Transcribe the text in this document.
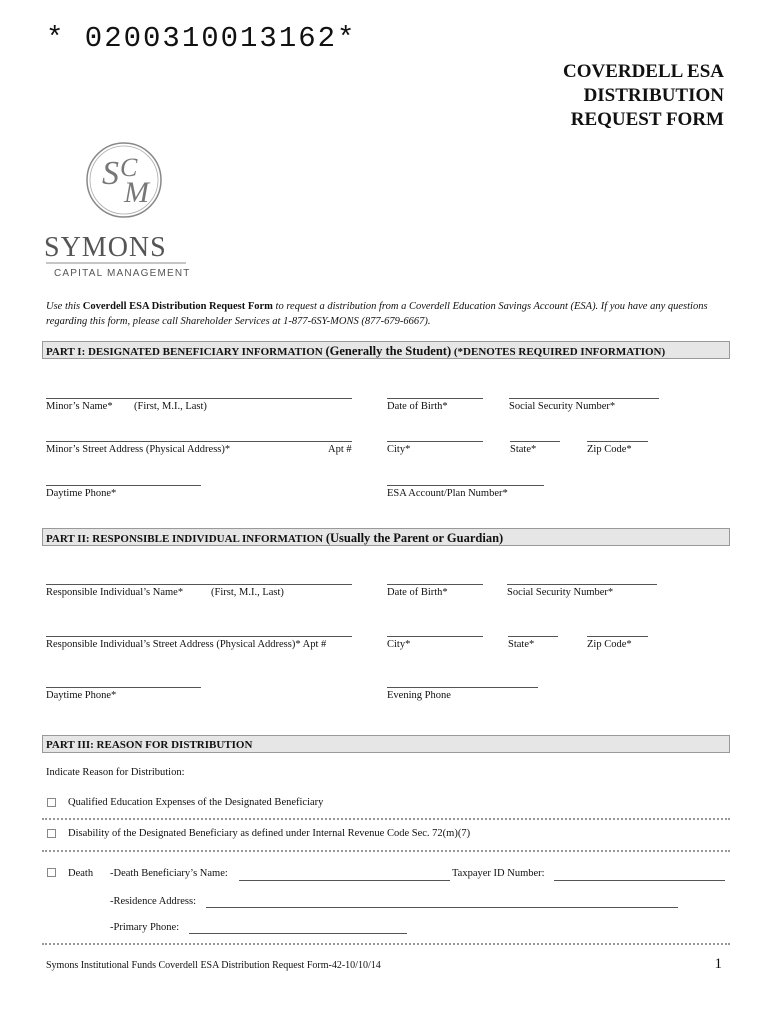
* 0200310013162*
COVERDELL ESA
DISTRIBUTION
REQUEST FORM
S C
M
SYMONS
CAPITAL MANAGEMENT
Use this Coverdell ESA Distribution Request Form to request a distribution from a Coverdell Education Savings Account (ESA). If you have any questions regarding this form, please call Shareholder Services at 1-877-6SY-MONS (877-679-6667).
PART I: DESIGNATED BENEFICIARY INFORMATION (Generally the Student) (*DENOTES REQUIRED INFORMATION)
Minor’s Name* (First, M.I., Last)	Date of Birth*	Social Security Number*
Minor’s Street Address (Physical Address)*	Apt #	City*	State*	Zip Code*
Daytime Phone*	ESA Account/Plan Number*
PART II: RESPONSIBLE INDIVIDUAL INFORMATION (Usually the Parent or Guardian)
Responsible Individual’s Name*	(First, M.I., Last)	Date of Birth*	Social Security Number*
Responsible Individual’s Street Address (Physical Address)* Apt #	City*	State*	Zip Code*
Daytime Phone*	Evening Phone
PART III: REASON FOR DISTRIBUTION
Indicate Reason for Distribution:
Qualified Education Expenses of the Designated Beneficiary
Disability of the Designated Beneficiary as defined under Internal Revenue Code Sec. 72(m)(7)
Death -Death Beneficiary’s Name:	Taxpayer ID Number:
-Residence Address:
-Primary Phone:
Symons Institutional Funds Coverdell ESA Distribution Request Form-42-10/10/14	1
